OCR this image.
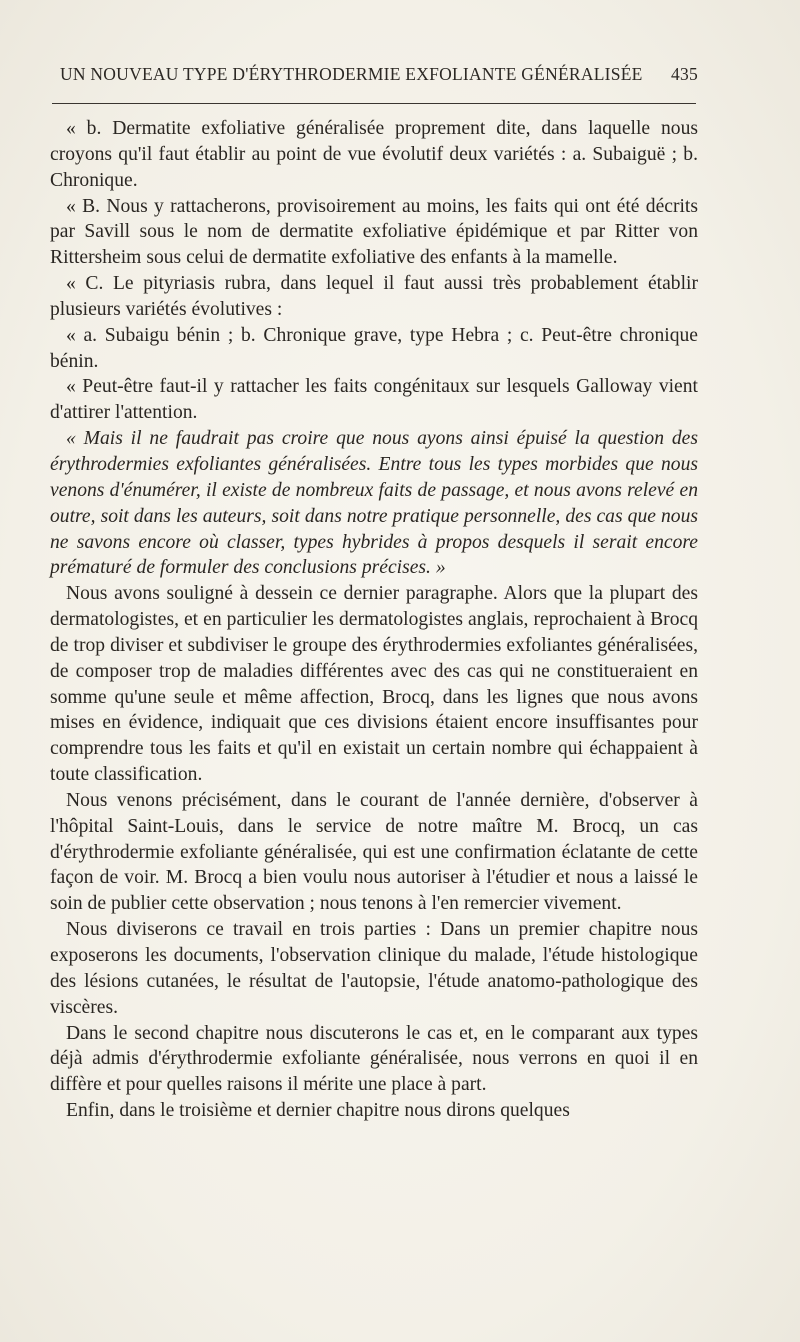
UN NOUVEAU TYPE D'ÉRYTHRODERMIE EXFOLIANTE GÉNÉRALISÉE 435

« b. Dermatite exfoliative généralisée proprement dite, dans laquelle nous croyons qu'il faut établir au point de vue évolutif deux variétés : a. Subaiguë ; b. Chronique.

« B. Nous y rattacherons, provisoirement au moins, les faits qui ont été décrits par Savill sous le nom de dermatite exfoliative épidémique et par Ritter von Rittersheim sous celui de dermatite exfoliative des enfants à la mamelle.

« C. Le pityriasis rubra, dans lequel il faut aussi très probablement établir plusieurs variétés évolutives :

« a. Subaigu bénin ; b. Chronique grave, type Hebra ; c. Peut-être chronique bénin.

« Peut-être faut-il y rattacher les faits congénitaux sur lesquels Galloway vient d'attirer l'attention.

« Mais il ne faudrait pas croire que nous ayons ainsi épuisé la question des érythrodermies exfoliantes généralisées. Entre tous les types morbides que nous venons d'énumérer, il existe de nombreux faits de passage, et nous avons relevé en outre, soit dans les auteurs, soit dans notre pratique personnelle, des cas que nous ne savons encore où classer, types hybrides à propos desquels il serait encore prématuré de formuler des conclusions précises. »

Nous avons souligné à dessein ce dernier paragraphe. Alors que la plupart des dermatologistes, et en particulier les dermatologistes anglais, reprochaient à Brocq de trop diviser et subdiviser le groupe des érythrodermies exfoliantes généralisées, de composer trop de maladies différentes avec des cas qui ne constitueraient en somme qu'une seule et même affection, Brocq, dans les lignes que nous avons mises en évidence, indiquait que ces divisions étaient encore insuffisantes pour comprendre tous les faits et qu'il en existait un certain nombre qui échappaient à toute classification.

Nous venons précisément, dans le courant de l'année dernière, d'observer à l'hôpital Saint-Louis, dans le service de notre maître M. Brocq, un cas d'érythrodermie exfoliante généralisée, qui est une confirmation éclatante de cette façon de voir. M. Brocq a bien voulu nous autoriser à l'étudier et nous a laissé le soin de publier cette observation ; nous tenons à l'en remercier vivement.

Nous diviserons ce travail en trois parties : Dans un premier chapitre nous exposerons les documents, l'observation clinique du malade, l'étude histologique des lésions cutanées, le résultat de l'autopsie, l'étude anatomo-pathologique des viscères.

Dans le second chapitre nous discuterons le cas et, en le comparant aux types déjà admis d'érythrodermie exfoliante généralisée, nous verrons en quoi il en diffère et pour quelles raisons il mérite une place à part.

Enfin, dans le troisième et dernier chapitre nous dirons quelques
